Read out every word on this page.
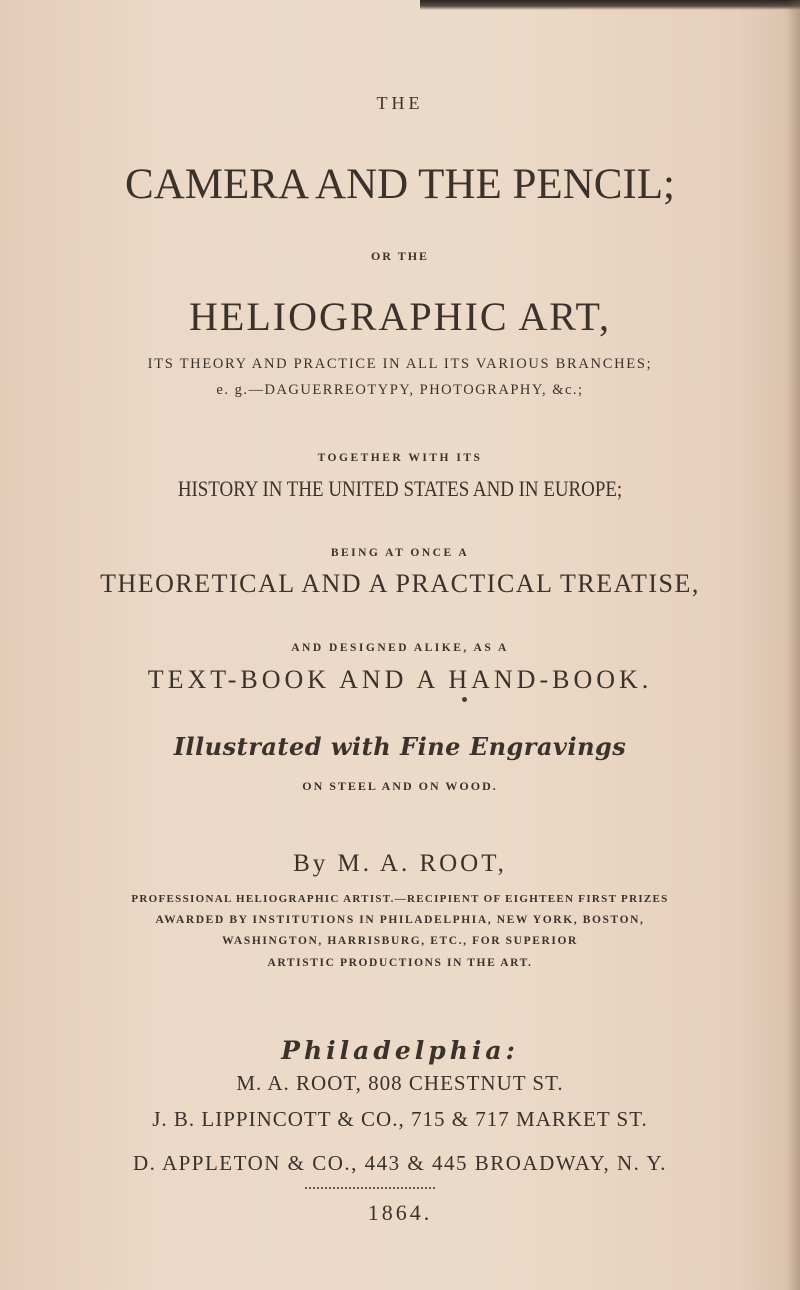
THE
CAMERA AND THE PENCIL;
OR THE
HELIOGRAPHIC ART,
ITS THEORY AND PRACTICE IN ALL ITS VARIOUS BRANCHES;
e. g.—DAGUERREOTYPY, PHOTOGRAPHY, &c.;
TOGETHER WITH ITS
HISTORY IN THE UNITED STATES AND IN EUROPE;
BEING AT ONCE A
THEORETICAL AND A PRACTICAL TREATISE,
AND DESIGNED ALIKE, AS A
TEXT-BOOK AND A HAND-BOOK.
Illustrated with Fine Engravings
ON STEEL AND ON WOOD.
By M. A. ROOT,
PROFESSIONAL HELIOGRAPHIC ARTIST.—RECIPIENT OF EIGHTEEN FIRST PRIZES
AWARDED BY INSTITUTIONS IN PHILADELPHIA, NEW YORK, BOSTON,
WASHINGTON, HARRISBURG, ETC., FOR SUPERIOR
ARTISTIC PRODUCTIONS IN THE ART.
Philadelphia:
M. A. ROOT, 808 CHESTNUT ST.
J. B. LIPPINCOTT & CO., 715 & 717 MARKET ST.
D. APPLETON & CO., 443 & 445 BROADWAY, N. Y.
1864.
